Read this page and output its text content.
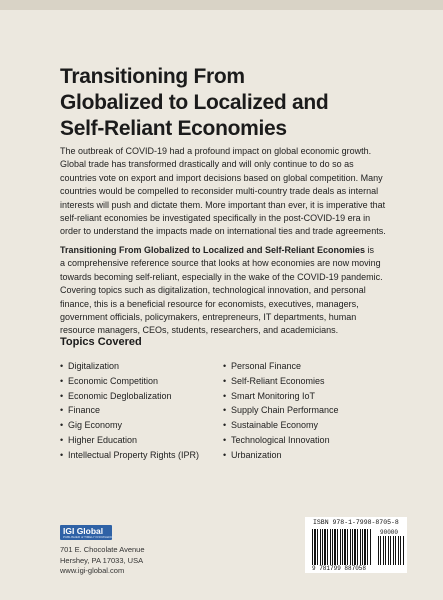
Transitioning From
Globalized to Localized and
Self-Reliant Economies
The outbreak of COVID-19 had a profound impact on global economic growth.
Global trade has transformed drastically and will only continue to do so as
countries vote on export and import decisions based on global competition. Many
countries would be compelled to reconsider multi-country trade deals as internal
interests will push and dictate them. More important than ever, it is imperative that
self-reliant economies be investigated specifically in the post-COVID-19 era in
order to understand the impacts made on international ties and trade agreements.
Transitioning From Globalized to Localized and Self-Reliant Economies is
a comprehensive reference source that looks at how economies are now moving
towards becoming self-reliant, especially in the wake of the COVID-19 pandemic.
Covering topics such as digitalization, technological innovation, and personal
finance, this is a beneficial resource for economists, executives, managers,
government officials, policymakers, entrepreneurs, IT departments, human
resource managers, CEOs, students, researchers, and academicians.
Topics Covered
• Digitalization
• Economic Competition
• Economic Deglobalization
• Finance
• Gig Economy
• Higher Education
• Intellectual Property Rights (IPR)
• Personal Finance
• Self-Reliant Economies
• Smart Monitoring IoT
• Supply Chain Performance
• Sustainable Economy
• Technological Innovation
• Urbanization
IGI Global
PUBLISHER of TIMELY KNOWLEDGE
701 E. Chocolate Avenue
Hershey, PA 17033, USA
www.igi-global.com
ISBN 978-1-7998-8705-8
90000
9 781799 887058
